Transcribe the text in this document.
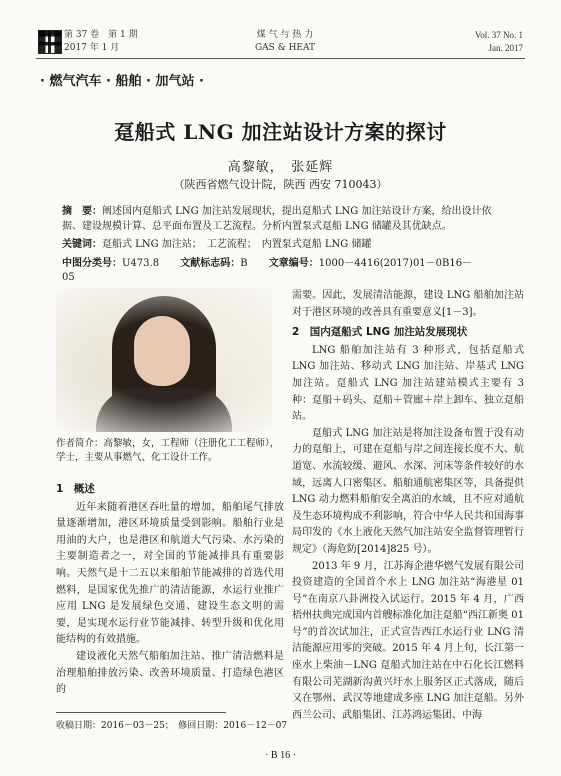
第 37 卷　第 1 期
2017 年 1 月
煤 气 与 热 力
GAS & HEAT
Vol. 37 No. 1
Jan. 2017
· 燃气汽车 · 船舶 · 加气站 ·
趸船式 LNG 加注站设计方案的探讨
高黎敏，　张延辉
（陕西省燃气设计院，陕西 西安 710043）
摘　要：阐述国内趸船式 LNG 加注站发展现状，提出趸船式 LNG 加注站设计方案，给出设计依据、建设规模计算、总平面布置及工艺流程。分析内置泵式趸船 LNG 储罐及其优缺点。
关键词：趸船式 LNG 加注站；　工艺流程；　内置泵式趸船 LNG 储罐
中图分类号：U473.8 文献标志码：B 文章编号：1000－4416(2017)01－0B16－05
作者简介：高黎敏，女，工程师（注册化工工程师），学士，主要从事燃气、化工设计工作。
1　概述

近年来随着港区吞吐量的增加，船舶尾气排放量逐渐增加，港区环境质量受到影响。船舶行业是用油的大户，也是港区和航道大气污染、水污染的主要制造者之一，对全国的节能减排具有重要影响。天然气是十二五以来船舶节能减排的首选代用燃料，是国家优先推广的清洁能源，水运行业推广应用 LNG 是发展绿色交通、建设生态文明的需要，是实现水运行业节能减排、转型升级和优化用能结构的有效措施。

建设液化天然气船舶加注站、推广清洁燃料是治理船舶排放污染、改善环境质量、打造绿色港区的

需要。因此，发展清洁能源，建设 LNG 船舶加注站对于港区环境的改善具有重要意义[1－3]。

2　国内趸船式 LNG 加注站发展现状

LNG 船舶加注站有 3 种形式，包括趸船式 LNG 加注站、移动式 LNG 加注站、岸基式 LNG 加注站。趸船式 LNG 加注站建站模式主要有 3 种：趸船＋码头、趸船＋管廊＋岸上卸车、独立趸船站。

趸船式 LNG 加注站是将加注设备布置于没有动力的趸船上，可建在趸船与岸之间连接长度不大、航道宽、水流较缓、避风、水深、河床等条件较好的水域，远离人口密集区、船舶通航密集区等，具备提供 LNG 动力燃料船舶安全离泊的水域，且不应对通航及生态环境构成不利影响，符合中华人民共和国海事局印发的《水上液化天然气加注站安全监督管理暂行规定》（海危防[2014]825 号）。

2013 年 9 月，江苏海企港华燃气发展有限公司投资建造的全国首个水上 LNG 加注站“海港星 01 号”在南京八卦洲投入试运行。2015 年 4 月，广西梧州扶典完成国内首艘标准化加注趸船“西江新奥 01 号”的首次试加注，正式宣告西江水运行业 LNG 清洁能源应用零的突破。2015 年 4 月上旬，长江第一座水上柴油－LNG 趸船式加注站在中石化长江燃料有限公司芜湖新沟黄兴圩水上服务区正式落成，随后又在鄂州、武汉等地建成多座 LNG 加注趸船。另外西兰公司、武船集团、江苏鸿运集团、中海

收稿日期：2016－03－25；　修回日期：2016－12－07
· B 16 ·
